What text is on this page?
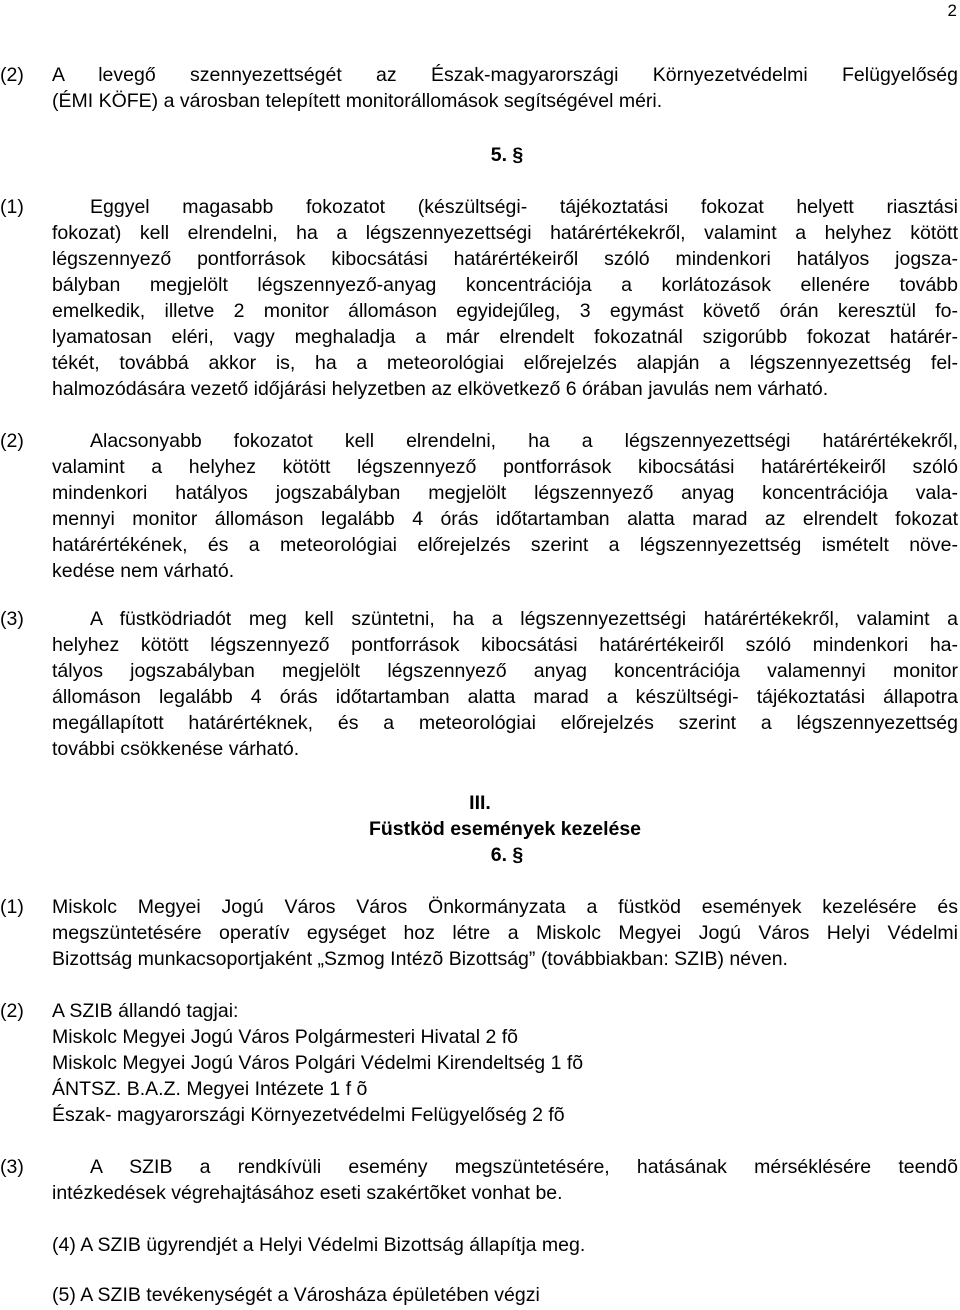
2
(2) A levegő szennyezettségét az Észak-magyarországi Környezetvédelmi Felügyelőség
(ÉMI KÖFE) a városban telepített monitorállomások segítségével méri.

5. §

(1)	Eggyel magasabb fokozatot (készültségi- tájékoztatási fokozat helyett riasztási
fokozat) kell elrendelni, ha a légszennyezettségi határértékekről, valamint a helyhez kötött
légszennyező pontforrások kibocsátási határértékeiről szóló mindenkori hatályos jogsza-
bályban megjelölt légszennyező-anyag koncentrációja a korlátozások ellenére tovább
emelkedik, illetve 2 monitor állomáson egyidejűleg, 3 egymást követő órán keresztül fo-
lyamatosan eléri, vagy meghaladja a már elrendelt fokozatnál szigorúbb fokozat határér-
tékét, továbbá akkor is, ha a meteorológiai előrejelzés alapján a légszennyezettség fel-
halmozódására vezető időjárási helyzetben az elkövetkező 6 órában javulás nem várható.
(2)	Alacsonyabb fokozatot kell elrendelni, ha a légszennyezettségi határértékekről,
valamint a helyhez kötött légszennyező pontforrások kibocsátási határértékeiről szóló
mindenkori hatályos jogszabályban megjelölt légszennyező anyag koncentrációja vala-
mennyi monitor állomáson legalább 4 órás időtartamban alatta marad az elrendelt fokozat
határértékének, és a meteorológiai előrejelzés szerint a légszennyezettség ismételt növe-
kedése nem várható.
(3)	A füstködriadót meg kell szüntetni, ha a légszennyezettségi határértékekről, valamint a
helyhez kötött légszennyező pontforrások kibocsátási határértékeiről szóló mindenkori ha-
tályos jogszabályban megjelölt légszennyező anyag koncentrációja valamennyi monitor
állomáson legalább 4 órás időtartamban alatta marad a készültségi- tájékoztatási állapotra
megállapított határértéknek, és a meteorológiai előrejelzés szerint a légszennyezettség
további csökkenése várható.

III.

Füstköd események kezelése

6. §

(1) Miskolc Megyei Jogú Város Város Önkormányzata a füstköd események kezelésére és
megszüntetésére operatív egységet hoz létre a Miskolc Megyei Jogú Város Helyi Védelmi
Bizottság munkacsoportjaként „Szmog Intézõ Bizottság” (továbbiakban: SZIB) néven.
(2) A SZIB állandó tagjai:
Miskolc Megyei Jogú Város Polgármesteri Hivatal 2 fõ
Miskolc Megyei Jogú Város Polgári Védelmi Kirendeltség 1 fõ
ÁNTSZ. B.A.Z. Megyei Intézete 1 f õ
Észak- magyarországi Környezetvédelmi Felügyelőség 2 fõ
(3)	A SZIB a rendkívüli esemény megszüntetésére, hatásának mérséklésére teendõ
intézkedések végrehajtásához eseti szakértõket vonhat be.
(4) A SZIB ügyrendjét a Helyi Védelmi Bizottság állapítja meg.
(5) A SZIB tevékenységét a Városháza épületében végzi
